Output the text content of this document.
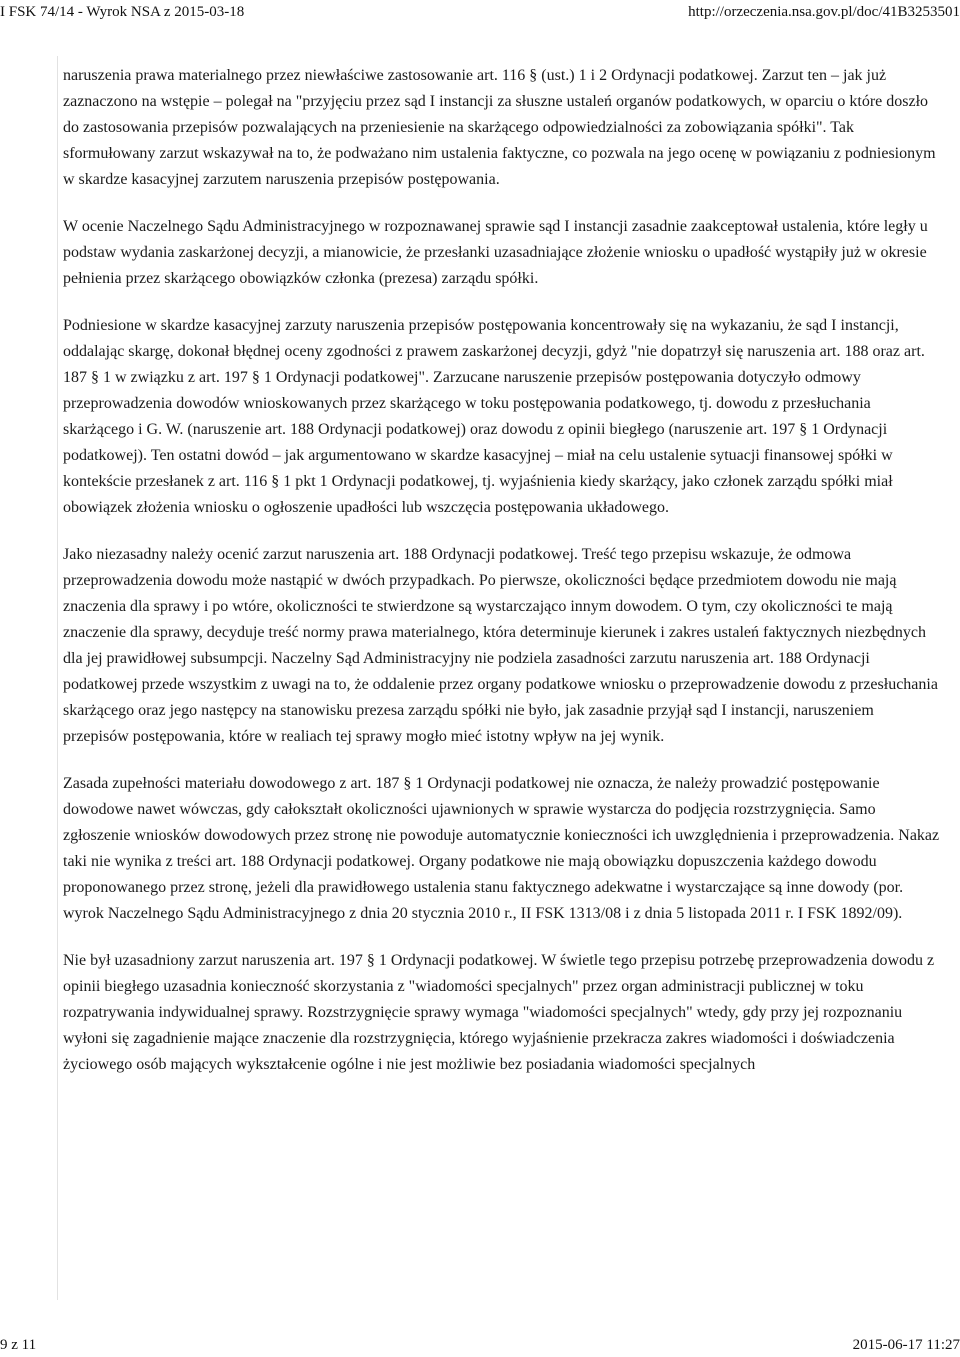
I FSK 74/14 - Wyrok NSA z 2015-03-18	http://orzeczenia.nsa.gov.pl/doc/41B3253501

naruszenia prawa materialnego przez niewłaściwe zastosowanie art. 116 § (ust.) 1 i 2 Ordynacji podatkowej. Zarzut ten – jak już zaznaczono na wstępie – polegał na "przyjęciu przez sąd I instancji za słuszne ustaleń organów podatkowych, w oparciu o które doszło do zastosowania przepisów pozwalających na przeniesienie na skarżącego odpowiedzialności za zobowiązania spółki". Tak sformułowany zarzut wskazywał na to, że podważano nim ustalenia faktyczne, co pozwala na jego ocenę w powiązaniu z podniesionym w skardze kasacyjnej zarzutem naruszenia przepisów postępowania.

W ocenie Naczelnego Sądu Administracyjnego w rozpoznawanej sprawie sąd I instancji zasadnie zaakceptował ustalenia, które legły u podstaw wydania zaskarżonej decyzji, a mianowicie, że przesłanki uzasadniające złożenie wniosku o upadłość wystąpiły już w okresie pełnienia przez skarżącego obowiązków członka (prezesa) zarządu spółki.

Podniesione w skardze kasacyjnej zarzuty naruszenia przepisów postępowania koncentrowały się na wykazaniu, że sąd I instancji, oddalając skargę, dokonał błędnej oceny zgodności z prawem zaskarżonej decyzji, gdyż "nie dopatrzył się naruszenia art. 188 oraz art. 187 § 1 w związku z art. 197 § 1 Ordynacji podatkowej". Zarzucane naruszenie przepisów postępowania dotyczyło odmowy przeprowadzenia dowodów wnioskowanych przez skarżącego w toku postępowania podatkowego, tj. dowodu z przesłuchania skarżącego i G. W. (naruszenie art. 188 Ordynacji podatkowej) oraz dowodu z opinii biegłego (naruszenie art. 197 § 1 Ordynacji podatkowej). Ten ostatni dowód – jak argumentowano w skardze kasacyjnej – miał na celu ustalenie sytuacji finansowej spółki w kontekście przesłanek z art. 116 § 1 pkt 1 Ordynacji podatkowej, tj. wyjaśnienia kiedy skarżący, jako członek zarządu spółki miał obowiązek złożenia wniosku o ogłoszenie upadłości lub wszczęcia postępowania układowego.

Jako niezasadny należy ocenić zarzut naruszenia art. 188 Ordynacji podatkowej. Treść tego przepisu wskazuje, że odmowa przeprowadzenia dowodu może nastąpić w dwóch przypadkach. Po pierwsze, okoliczności będące przedmiotem dowodu nie mają znaczenia dla sprawy i po wtóre, okoliczności te stwierdzone są wystarczająco innym dowodem. O tym, czy okoliczności te mają znaczenie dla sprawy, decyduje treść normy prawa materialnego, która determinuje kierunek i zakres ustaleń faktycznych niezbędnych dla jej prawidłowej subsumpcji. Naczelny Sąd Administracyjny nie podziela zasadności zarzutu naruszenia art. 188 Ordynacji podatkowej przede wszystkim z uwagi na to, że oddalenie przez organy podatkowe wniosku o przeprowadzenie dowodu z przesłuchania skarżącego oraz jego następcy na stanowisku prezesa zarządu spółki nie było, jak zasadnie przyjął sąd I instancji, naruszeniem przepisów postępowania, które w realiach tej sprawy mogło mieć istotny wpływ na jej wynik.

Zasada zupełności materiału dowodowego z art. 187 § 1 Ordynacji podatkowej nie oznacza, że należy prowadzić postępowanie dowodowe nawet wówczas, gdy całokształt okoliczności ujawnionych w sprawie wystarcza do podjęcia rozstrzygnięcia. Samo zgłoszenie wniosków dowodowych przez stronę nie powoduje automatycznie konieczności ich uwzględnienia i przeprowadzenia. Nakaz taki nie wynika z treści art. 188 Ordynacji podatkowej. Organy podatkowe nie mają obowiązku dopuszczenia każdego dowodu proponowanego przez stronę, jeżeli dla prawidłowego ustalenia stanu faktycznego adekwatne i wystarczające są inne dowody (por. wyrok Naczelnego Sądu Administracyjnego z dnia 20 stycznia 2010 r., II FSK 1313/08 i z dnia 5 listopada 2011 r. I FSK 1892/09).

Nie był uzasadniony zarzut naruszenia art. 197 § 1 Ordynacji podatkowej. W świetle tego przepisu potrzebę przeprowadzenia dowodu z opinii biegłego uzasadnia konieczność skorzystania z "wiadomości specjalnych" przez organ administracji publicznej w toku rozpatrywania indywidualnej sprawy. Rozstrzygnięcie sprawy wymaga "wiadomości specjalnych" wtedy, gdy przy jej rozpoznaniu wyłoni się zagadnienie mające znaczenie dla rozstrzygnięcia, którego wyjaśnienie przekracza zakres wiadomości i doświadczenia życiowego osób mających wykształcenie ogólne i nie jest możliwie bez posiadania wiadomości specjalnych

9 z 11	2015-06-17 11:27
